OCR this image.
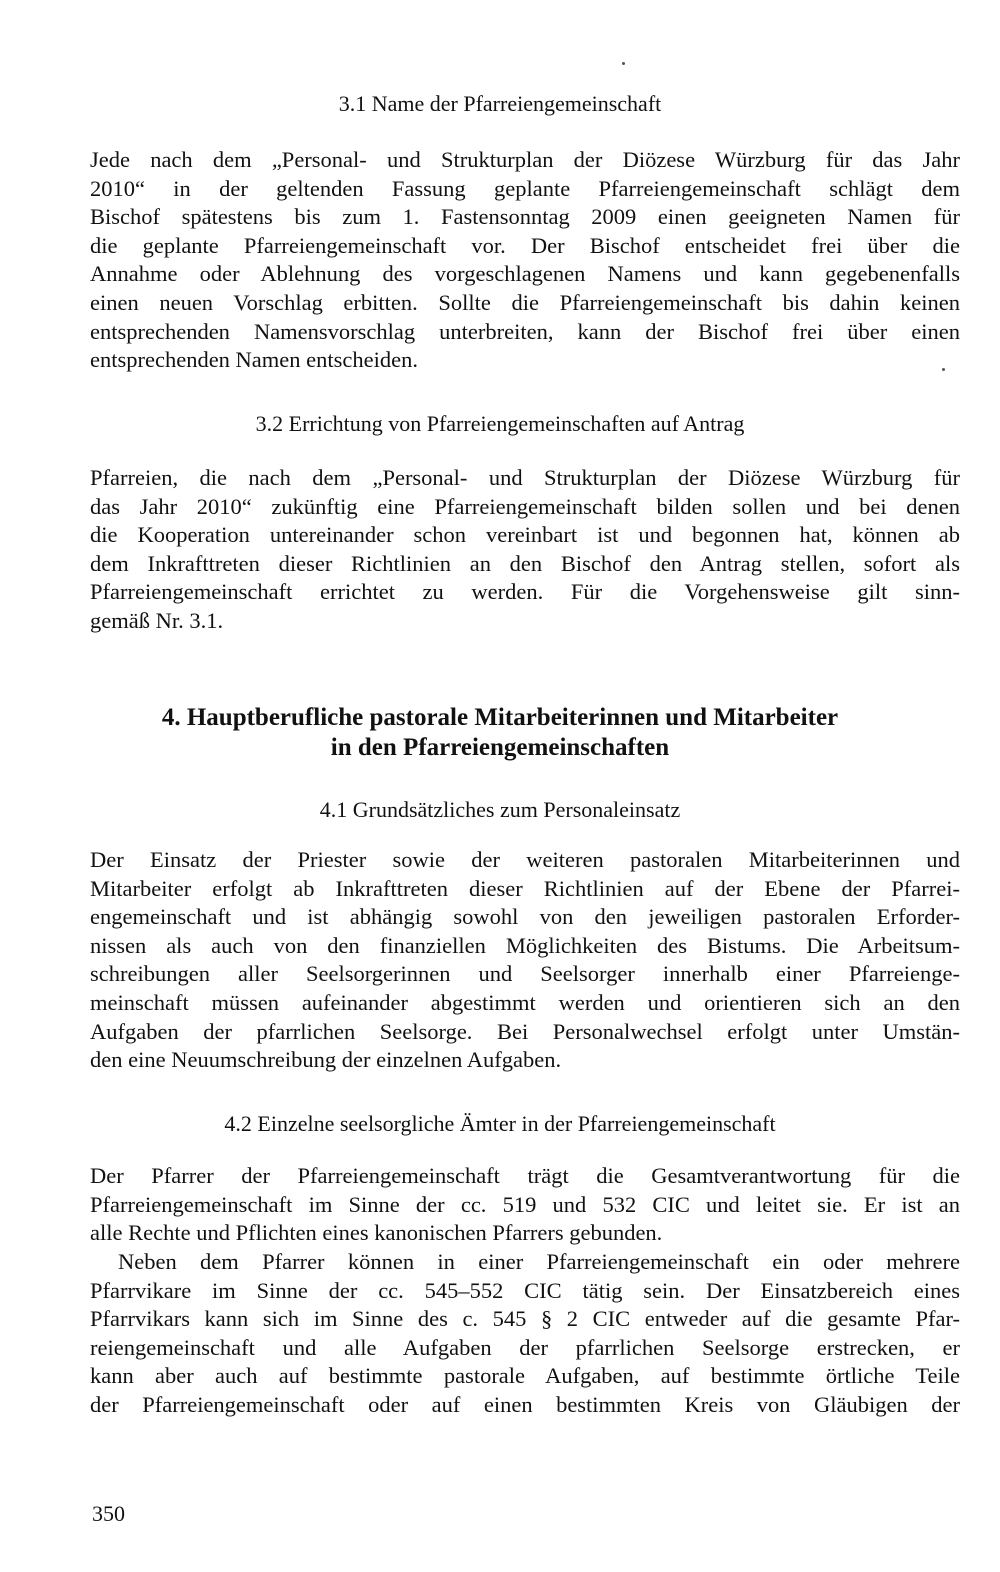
3.1 Name der Pfarreiengemeinschaft
Jede nach dem „Personal- und Strukturplan der Diözese Würzburg für das Jahr
2010“ in der geltenden Fassung geplante Pfarreiengemeinschaft schlägt dem
Bischof spätestens bis zum 1. Fastensonntag 2009 einen geeigneten Namen für
die geplante Pfarreiengemeinschaft vor. Der Bischof entscheidet frei über die
Annahme oder Ablehnung des vorgeschlagenen Namens und kann gegebenenfalls
einen neuen Vorschlag erbitten. Sollte die Pfarreiengemeinschaft bis dahin keinen
entsprechenden Namensvorschlag unterbreiten, kann der Bischof frei über einen
entsprechenden Namen entscheiden.
3.2 Errichtung von Pfarreiengemeinschaften auf Antrag
Pfarreien, die nach dem „Personal- und Strukturplan der Diözese Würzburg für
das Jahr 2010“ zukünftig eine Pfarreiengemeinschaft bilden sollen und bei denen
die Kooperation untereinander schon vereinbart ist und begonnen hat, können ab
dem Inkrafttreten dieser Richtlinien an den Bischof den Antrag stellen, sofort als
Pfarreiengemeinschaft errichtet zu werden. Für die Vorgehensweise gilt sinn-
gemäß Nr. 3.1.
4. Hauptberufliche pastorale Mitarbeiterinnen und Mitarbeiter
in den Pfarreiengemeinschaften
4.1 Grundsätzliches zum Personaleinsatz
Der Einsatz der Priester sowie der weiteren pastoralen Mitarbeiterinnen und
Mitarbeiter erfolgt ab Inkrafttreten dieser Richtlinien auf der Ebene der Pfarrei-
engemeinschaft und ist abhängig sowohl von den jeweiligen pastoralen Erforder-
nissen als auch von den finanziellen Möglichkeiten des Bistums. Die Arbeitsum-
schreibungen aller Seelsorgerinnen und Seelsorger innerhalb einer Pfarreienge-
meinschaft müssen aufeinander abgestimmt werden und orientieren sich an den
Aufgaben der pfarrlichen Seelsorge. Bei Personalwechsel erfolgt unter Umstän-
den eine Neuumschreibung der einzelnen Aufgaben.
4.2 Einzelne seelsorgliche Ämter in der Pfarreiengemeinschaft
Der Pfarrer der Pfarreiengemeinschaft trägt die Gesamtverantwortung für die
Pfarreiengemeinschaft im Sinne der cc. 519 und 532 CIC und leitet sie. Er ist an
alle Rechte und Pflichten eines kanonischen Pfarrers gebunden.
Neben dem Pfarrer können in einer Pfarreiengemeinschaft ein oder mehrere
Pfarrvikare im Sinne der cc. 545–552 CIC tätig sein. Der Einsatzbereich eines
Pfarrvikars kann sich im Sinne des c. 545 § 2 CIC entweder auf die gesamte Pfar-
reiengemeinschaft und alle Aufgaben der pfarrlichen Seelsorge erstrecken, er
kann aber auch auf bestimmte pastorale Aufgaben, auf bestimmte örtliche Teile
der Pfarreiengemeinschaft oder auf einen bestimmten Kreis von Gläubigen der
350
